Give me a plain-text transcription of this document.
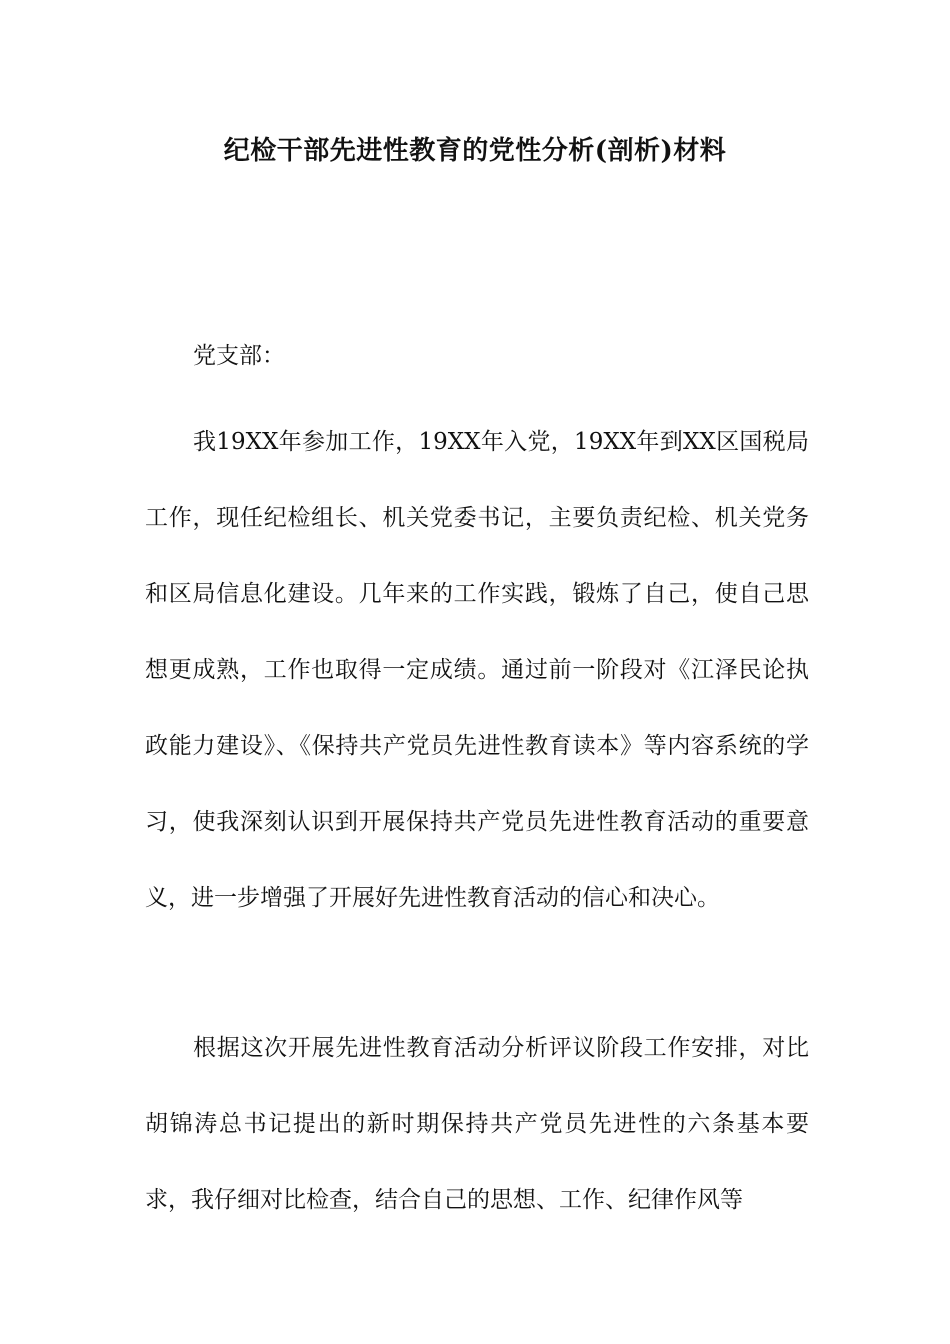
纪检干部先进性教育的党性分析(剖析)材料

党支部：

我19XX年参加工作，19XX年入党，19XX年到XX区国税局工作，现任纪检组长、机关党委书记，主要负责纪检、机关党务和区局信息化建设。几年来的工作实践，锻炼了自己，使自己思想更成熟，工作也取得一定成绩。通过前一阶段对《江泽民论执政能力建设》、《保持共产党员先进性教育读本》等内容系统的学习，使我深刻认识到开展保持共产党员先进性教育活动的重要意义，进一步增强了开展好先进性教育活动的信心和决心。

根据这次开展先进性教育活动分析评议阶段工作安排，对比胡锦涛总书记提出的新时期保持共产党员先进性的六条基本要求，我仔细对比检查，结合自己的思想、工作、纪律作风等
